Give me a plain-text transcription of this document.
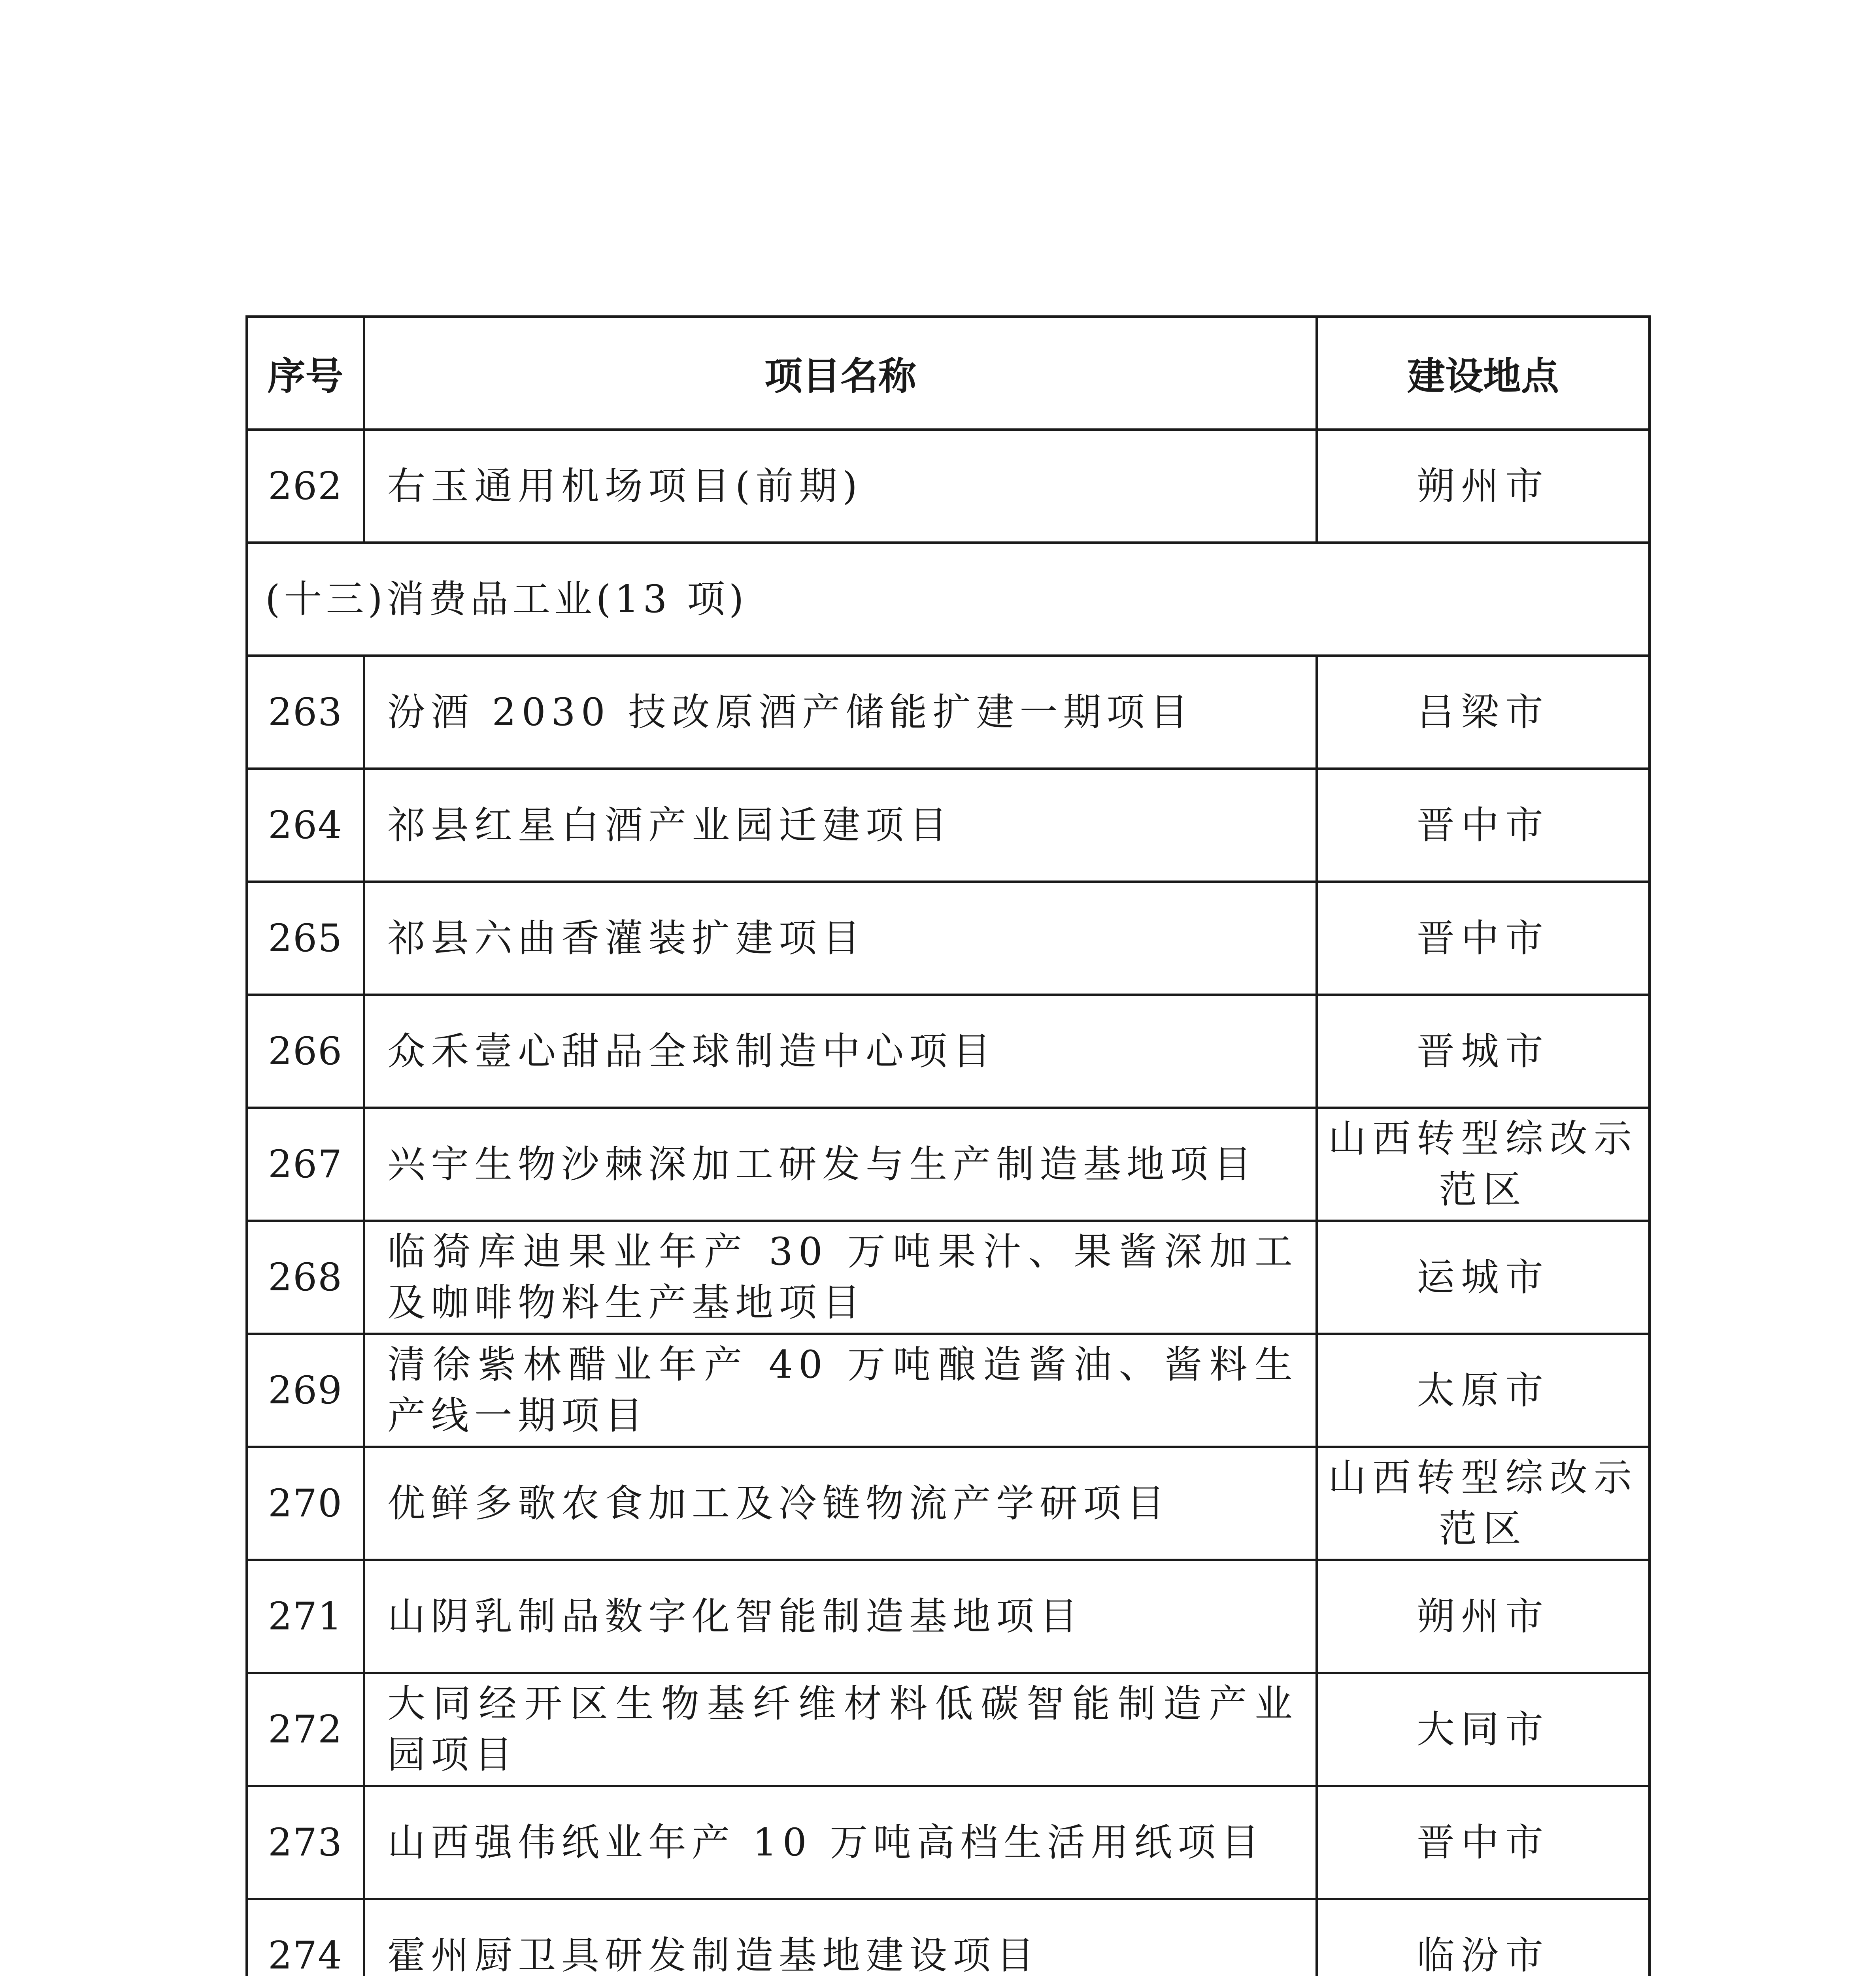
序号	项目名称	建设地点
262	右玉通用机场项目(前期)	朔州市
(十三)消费品工业(13 项)		
263	汾酒 2030 技改原酒产储能扩建一期项目	吕梁市
264	祁县红星白酒产业园迁建项目	晋中市
265	祁县六曲香灌装扩建项目	晋中市
266	众禾壹心甜品全球制造中心项目	晋城市
267	兴宇生物沙棘深加工研发与生产制造基地项目	山西转型综改示范区
268	临猗库迪果业年产 30 万吨果汁、果酱深加工及咖啡物料生产基地项目	运城市
269	清徐紫林醋业年产 40 万吨酿造酱油、酱料生产线一期项目	太原市
270	优鲜多歌农食加工及冷链物流产学研项目	山西转型综改示范区
271	山阴乳制品数字化智能制造基地项目	朔州市
272	大同经开区生物基纤维材料低碳智能制造产业园项目	大同市
273	山西强伟纸业年产 10 万吨高档生活用纸项目	晋中市
274	霍州厨卫具研发制造基地建设项目	临汾市
